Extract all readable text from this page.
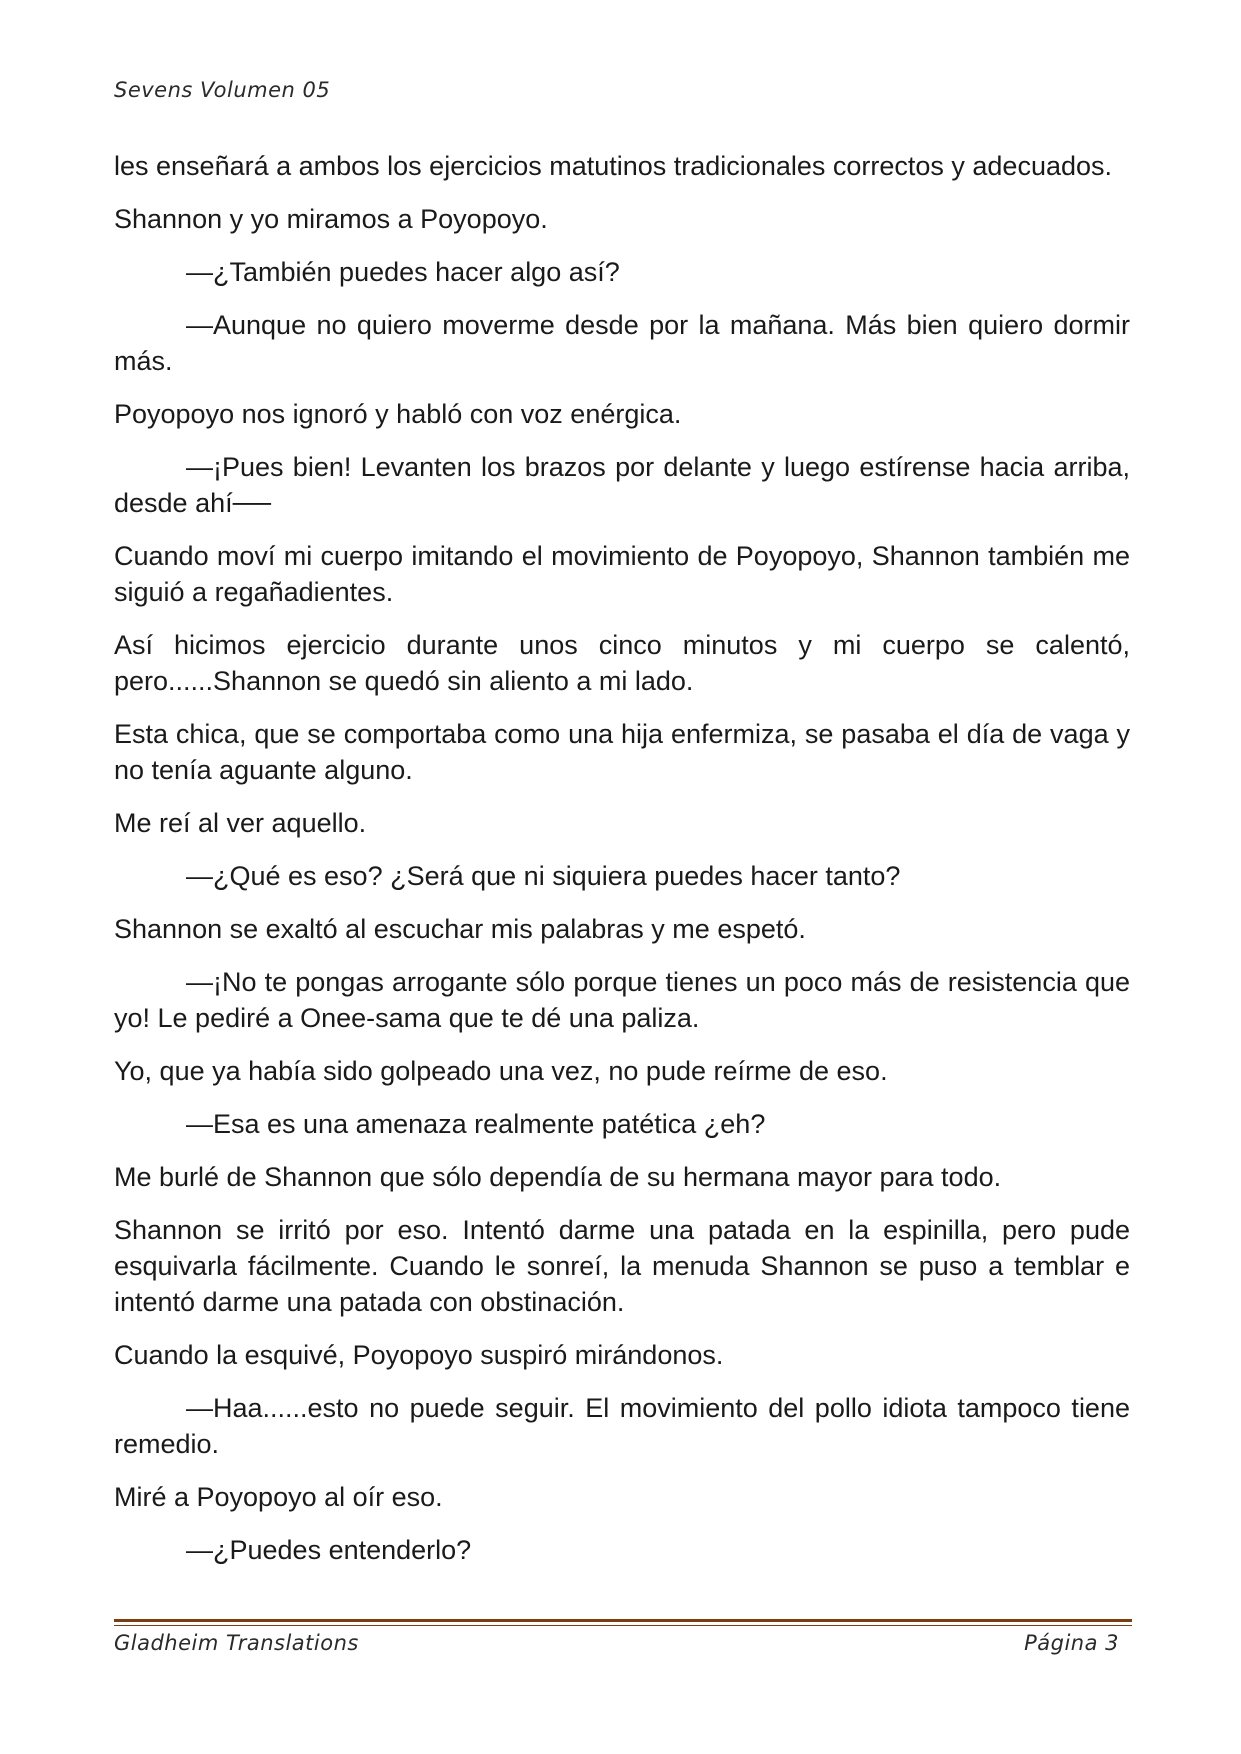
Sevens Volumen 05

les enseñará a ambos los ejercicios matutinos tradicionales correctos y adecuados.

Shannon y yo miramos a Poyopoyo.

—¿También puedes hacer algo así?

—Aunque no quiero moverme desde por la mañana. Más bien quiero dormir más.

Poyopoyo nos ignoró y habló con voz enérgica.

—¡Pues bien! Levanten los brazos por delante y luego estírense hacia arriba, desde ahí──

Cuando moví mi cuerpo imitando el movimiento de Poyopoyo, Shannon también me siguió a regañadientes.

Así hicimos ejercicio durante unos cinco minutos y mi cuerpo se calentó, pero......Shannon se quedó sin aliento a mi lado.

Esta chica, que se comportaba como una hija enfermiza, se pasaba el día de vaga y no tenía aguante alguno.

Me reí al ver aquello.

—¿Qué es eso? ¿Será que ni siquiera puedes hacer tanto?

Shannon se exaltó al escuchar mis palabras y me espetó.

—¡No te pongas arrogante sólo porque tienes un poco más de resistencia que yo! Le pediré a Onee-sama que te dé una paliza.

Yo, que ya había sido golpeado una vez, no pude reírme de eso.

—Esa es una amenaza realmente patética ¿eh?

Me burlé de Shannon que sólo dependía de su hermana mayor para todo.

Shannon se irritó por eso. Intentó darme una patada en la espinilla, pero pude esquivarla fácilmente. Cuando le sonreí, la menuda Shannon se puso a temblar e intentó darme una patada con obstinación.

Cuando la esquivé, Poyopoyo suspiró mirándonos.

—Haa......esto no puede seguir. El movimiento del pollo idiota tampoco tiene remedio.

Miré a Poyopoyo al oír eso.

—¿Puedes entenderlo?

Gladheim Translations	Página 3
